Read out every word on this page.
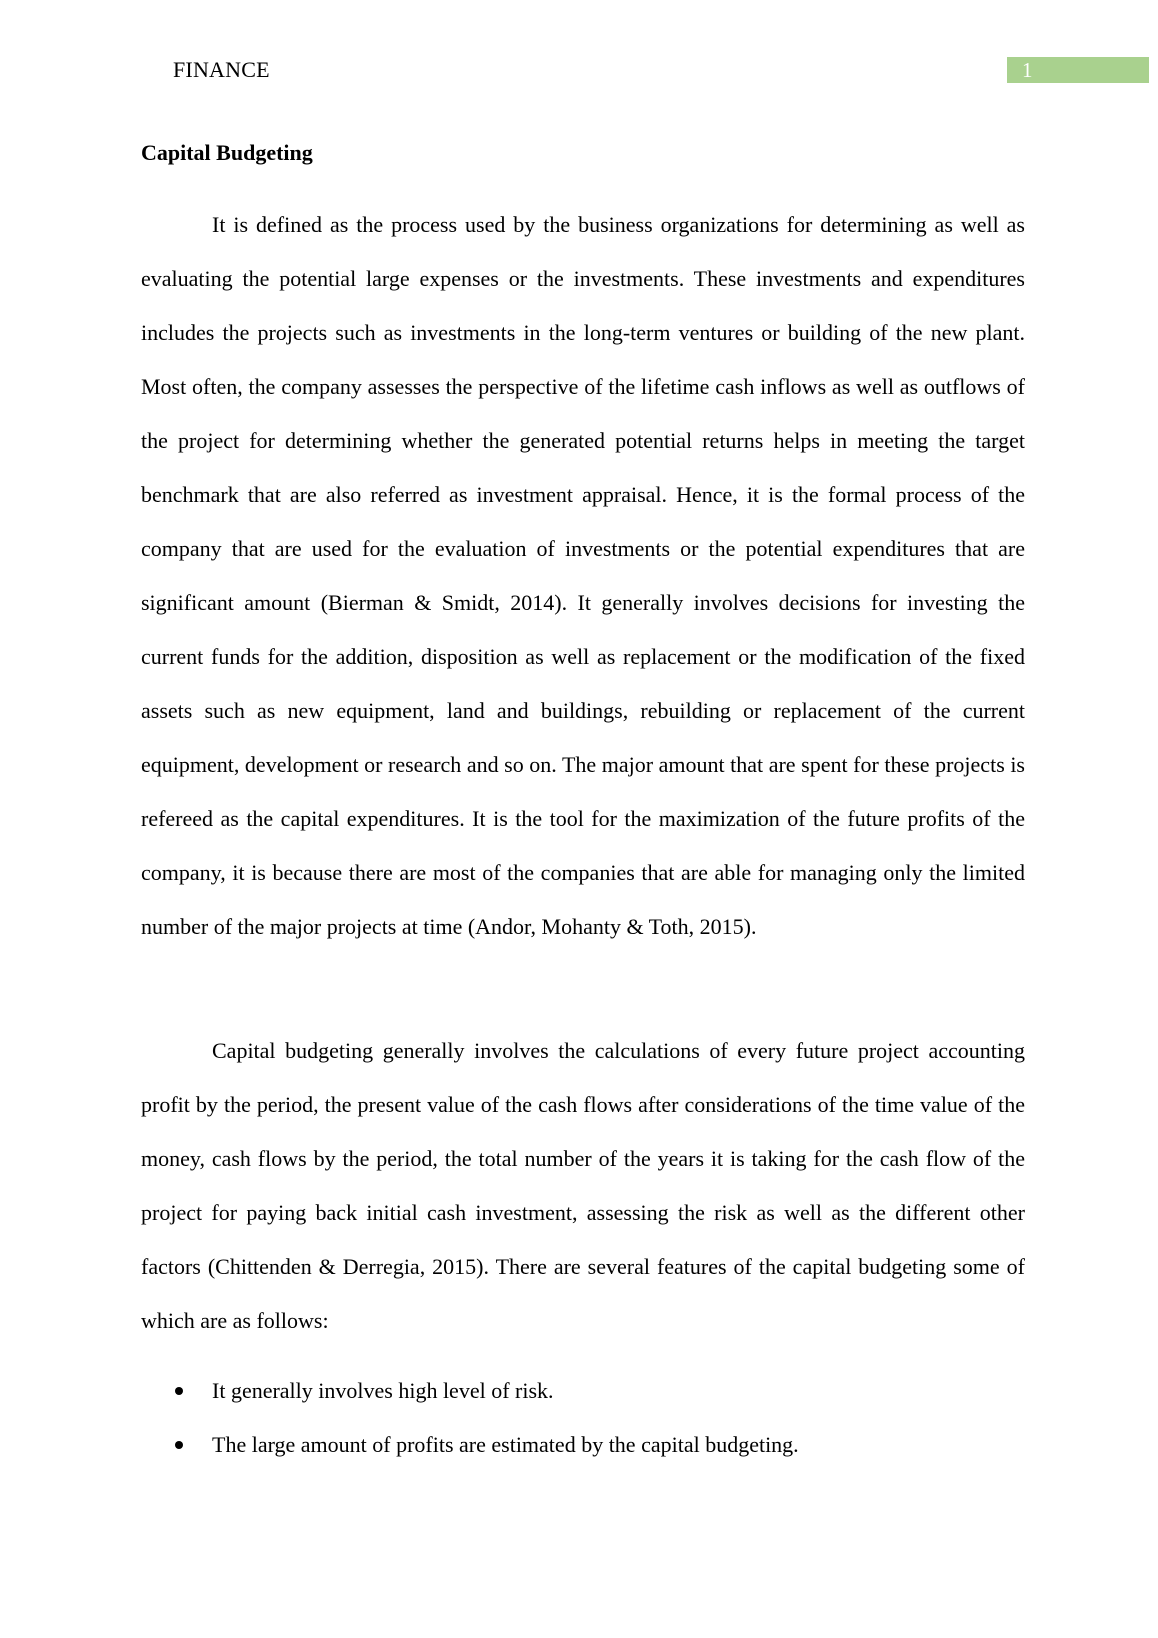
FINANCE	1
Capital Budgeting

It is defined as the process used by the business organizations for determining as well as evaluating the potential large expenses or the investments. These investments and expenditures includes the projects such as investments in the long-term ventures or building of the new plant. Most often, the company assesses the perspective of the lifetime cash inflows as well as outflows of the project for determining whether the generated potential returns helps in meeting the target benchmark that are also referred as investment appraisal. Hence, it is the formal process of the company that are used for the evaluation of investments or the potential expenditures that are significant amount (Bierman & Smidt, 2014). It generally involves decisions for investing the current funds for the addition, disposition as well as replacement or the modification of the fixed assets such as new equipment, land and buildings, rebuilding or replacement of the current equipment, development or research and so on. The major amount that are spent for these projects is refereed as the capital expenditures. It is the tool for the maximization of the future profits of the company, it is because there are most of the companies that are able for managing only the limited number of the major projects at time (Andor, Mohanty & Toth, 2015).

Capital budgeting generally involves the calculations of every future project accounting profit by the period, the present value of the cash flows after considerations of the time value of the money, cash flows by the period, the total number of the years it is taking for the cash flow of the project for paying back initial cash investment, assessing the risk as well as the different other factors (Chittenden & Derregia, 2015). There are several features of the capital budgeting some of which are as follows:

It generally involves high level of risk.
The large amount of profits are estimated by the capital budgeting.
